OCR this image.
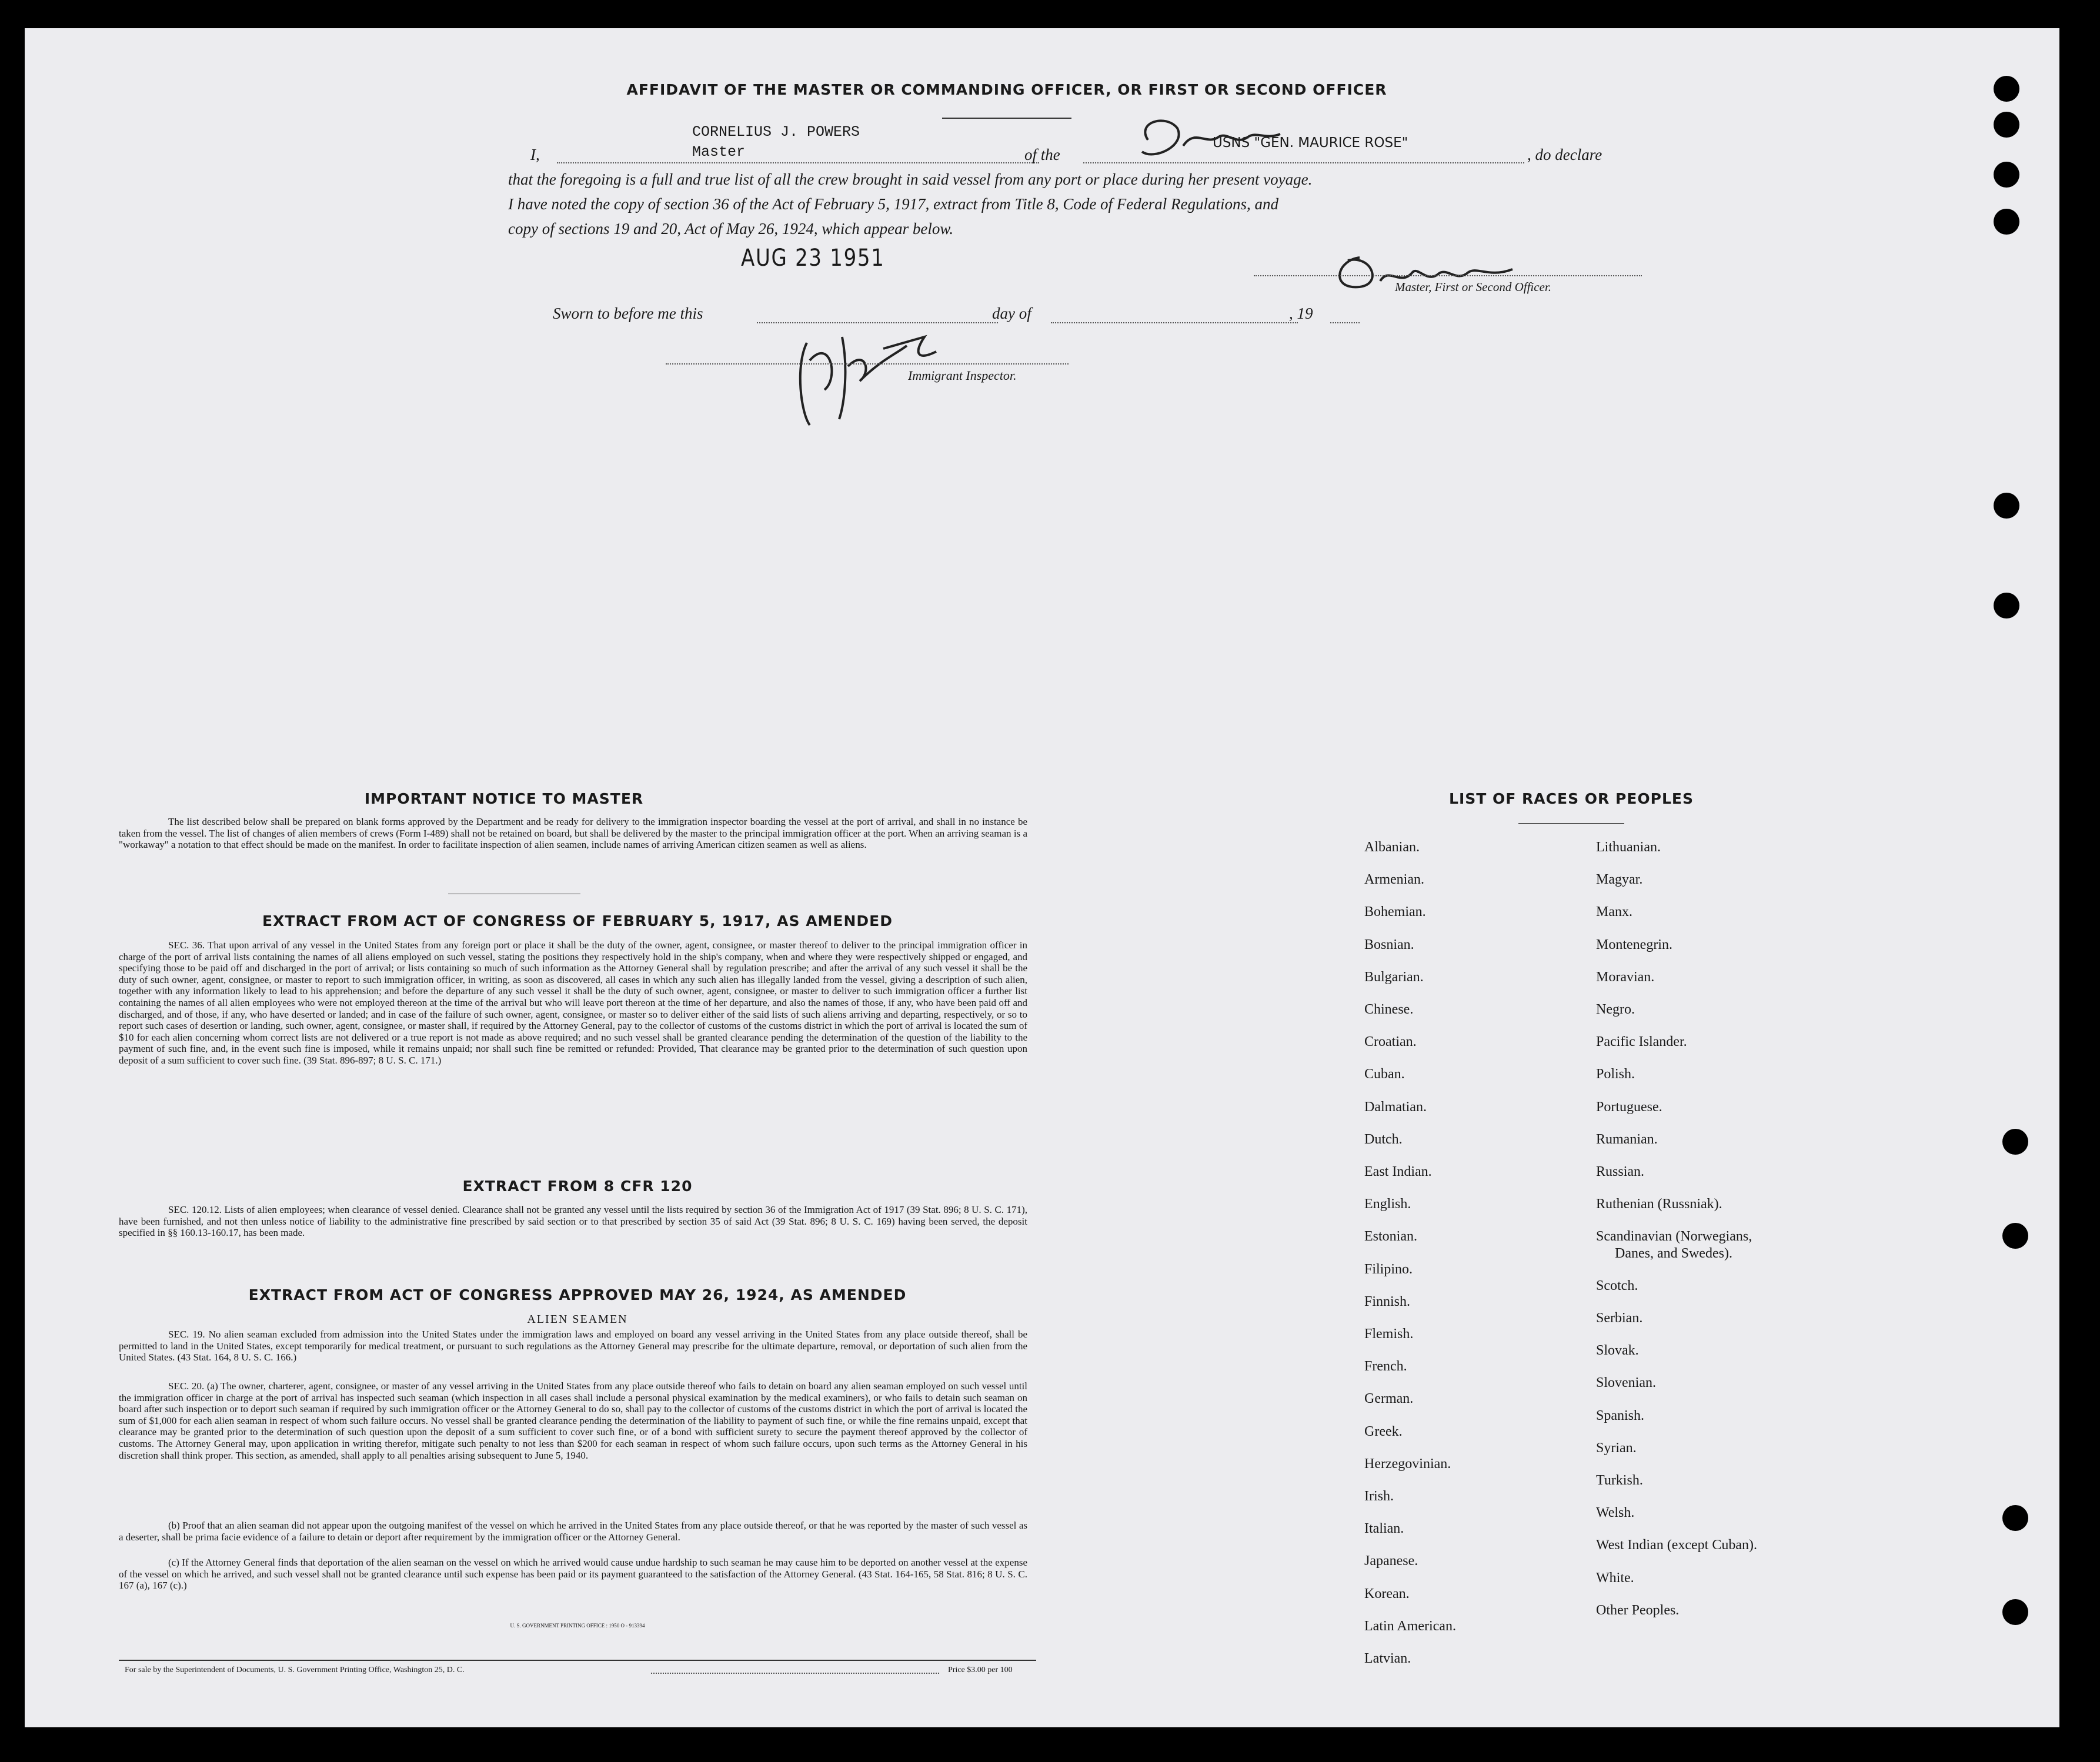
AFFIDAVIT OF THE MASTER OR COMMANDING OFFICER, OR FIRST OR SECOND OFFICER
CORNELIUS J. POWERS
Master
USNS "GEN. MAURICE ROSE"
I,	of the	, do declare
that the foregoing is a full and true list of all the crew brought in said vessel from any port or place during her present voyage.
I have noted the copy of section 36 of the Act of February 5, 1917, extract from Title 8, Code of Federal Regulations, and
copy of sections 19 and 20, Act of May 26, 1924, which appear below.
AUG 23 1951
Master, First or Second Officer.
Sworn to before me this	day of	, 19
Immigrant Inspector.
IMPORTANT NOTICE TO MASTER

The list described below shall be prepared on blank forms approved by the Department and be ready for delivery to the immigration inspector boarding the vessel at the port of arrival, and shall in no instance be taken from the vessel. The list of changes of alien members of crews (Form I-489) shall not be retained on board, but shall be delivered by the master to the principal immigration officer at the port. When an arriving seaman is a "workaway" a notation to that effect should be made on the manifest. In order to facilitate inspection of alien seamen, include names of arriving American citizen seamen as well as aliens.

EXTRACT FROM ACT OF CONGRESS OF FEBRUARY 5, 1917, AS AMENDED

SEC. 36. That upon arrival of any vessel in the United States from any foreign port or place it shall be the duty of the owner, agent, consignee, or master thereof to deliver to the principal immigration officer in charge of the port of arrival lists containing the names of all aliens employed on such vessel, stating the positions they respectively hold in the ship's company, when and where they were respectively shipped or engaged, and specifying those to be paid off and discharged in the port of arrival; or lists containing so much of such information as the Attorney General shall by regulation prescribe; and after the arrival of any such vessel it shall be the duty of such owner, agent, consignee, or master to report to such immigration officer, in writing, as soon as discovered, all cases in which any such alien has illegally landed from the vessel, giving a description of such alien, together with any information likely to lead to his apprehension; and before the departure of any such vessel it shall be the duty of such owner, agent, consignee, or master to deliver to such immigration officer a further list containing the names of all alien employees who were not employed thereon at the time of the arrival but who will leave port thereon at the time of her departure, and also the names of those, if any, who have been paid off and discharged, and of those, if any, who have deserted or landed; and in case of the failure of such owner, agent, consignee, or master so to deliver either of the said lists of such aliens arriving and departing, respectively, or so to report such cases of desertion or landing, such owner, agent, consignee, or master shall, if required by the Attorney General, pay to the collector of customs of the customs district in which the port of arrival is located the sum of $10 for each alien concerning whom correct lists are not delivered or a true report is not made as above required; and no such vessel shall be granted clearance pending the determination of the question of the liability to the payment of such fine, and, in the event such fine is imposed, while it remains unpaid; nor shall such fine be remitted or refunded: Provided, That clearance may be granted prior to the determination of such question upon deposit of a sum sufficient to cover such fine. (39 Stat. 896-897; 8 U. S. C. 171.)

EXTRACT FROM 8 CFR 120

SEC. 120.12. Lists of alien employees; when clearance of vessel denied. Clearance shall not be granted any vessel until the lists required by section 36 of the Immigration Act of 1917 (39 Stat. 896; 8 U. S. C. 171), have been furnished, and not then unless notice of liability to the administrative fine prescribed by said section or to that prescribed by section 35 of said Act (39 Stat. 896; 8 U. S. C. 169) having been served, the deposit specified in §§ 160.13-160.17, has been made.

EXTRACT FROM ACT OF CONGRESS APPROVED MAY 26, 1924, AS AMENDED
ALIEN SEAMEN

SEC. 19. No alien seaman excluded from admission into the United States under the immigration laws and employed on board any vessel arriving in the United States from any place outside thereof, shall be permitted to land in the United States, except temporarily for medical treatment, or pursuant to such regulations as the Attorney General may prescribe for the ultimate departure, removal, or deportation of such alien from the United States. (43 Stat. 164, 8 U. S. C. 166.)

SEC. 20. (a) The owner, charterer, agent, consignee, or master of any vessel arriving in the United States from any place outside thereof who fails to detain on board any alien seaman employed on such vessel until the immigration officer in charge at the port of arrival has inspected such seaman (which inspection in all cases shall include a personal physical examination by the medical examiners), or who fails to detain such seaman on board after such inspection or to deport such seaman if required by such immigration officer or the Attorney General to do so, shall pay to the collector of customs of the customs district in which the port of arrival is located the sum of $1,000 for each alien seaman in respect of whom such failure occurs. No vessel shall be granted clearance pending the determination of the liability to payment of such fine, or while the fine remains unpaid, except that clearance may be granted prior to the determination of such question upon the deposit of a sum sufficient to cover such fine, or of a bond with sufficient surety to secure the payment thereof approved by the collector of customs. The Attorney General may, upon application in writing therefor, mitigate such penalty to not less than $200 for each seaman in respect of whom such failure occurs, upon such terms as the Attorney General in his discretion shall think proper. This section, as amended, shall apply to all penalties arising subsequent to June 5, 1940.

(b) Proof that an alien seaman did not appear upon the outgoing manifest of the vessel on which he arrived in the United States from any place outside thereof, or that he was reported by the master of such vessel as a deserter, shall be prima facie evidence of a failure to detain or deport after requirement by the immigration officer or the Attorney General.

(c) If the Attorney General finds that deportation of the alien seaman on the vessel on which he arrived would cause undue hardship to such seaman he may cause him to be deported on another vessel at the expense of the vessel on which he arrived, and such vessel shall not be granted clearance until such expense has been paid or its payment guaranteed to the satisfaction of the Attorney General. (43 Stat. 164-165, 58 Stat. 816; 8 U. S. C. 167 (a), 167 (c).)

U. S. GOVERNMENT PRINTING OFFICE : 1950 O - 913394
For sale by the Superintendent of Documents, U. S. Government Printing Office, Washington 25, D. C.	Price $3.00 per 100
LIST OF RACES OR PEOPLES
Albanian.
Armenian.
Bohemian.
Bosnian.
Bulgarian.
Chinese.
Croatian.
Cuban.
Dalmatian.
Dutch.
East Indian.
English.
Estonian.
Filipino.
Finnish.
Flemish.
French.
German.
Greek.
Herzegovinian.
Irish.
Italian.
Japanese.
Korean.
Latin American.
Latvian.
Lithuanian.
Magyar.
Manx.
Montenegrin.
Moravian.
Negro.
Pacific Islander.
Polish.
Portuguese.
Rumanian.
Russian.
Ruthenian (Russniak).
Scandinavian (Norwegians,
Danes, and Swedes).
Scotch.
Serbian.
Slovak.
Slovenian.
Spanish.
Syrian.
Turkish.
Welsh.
West Indian (except Cuban).
White.
Other Peoples.
